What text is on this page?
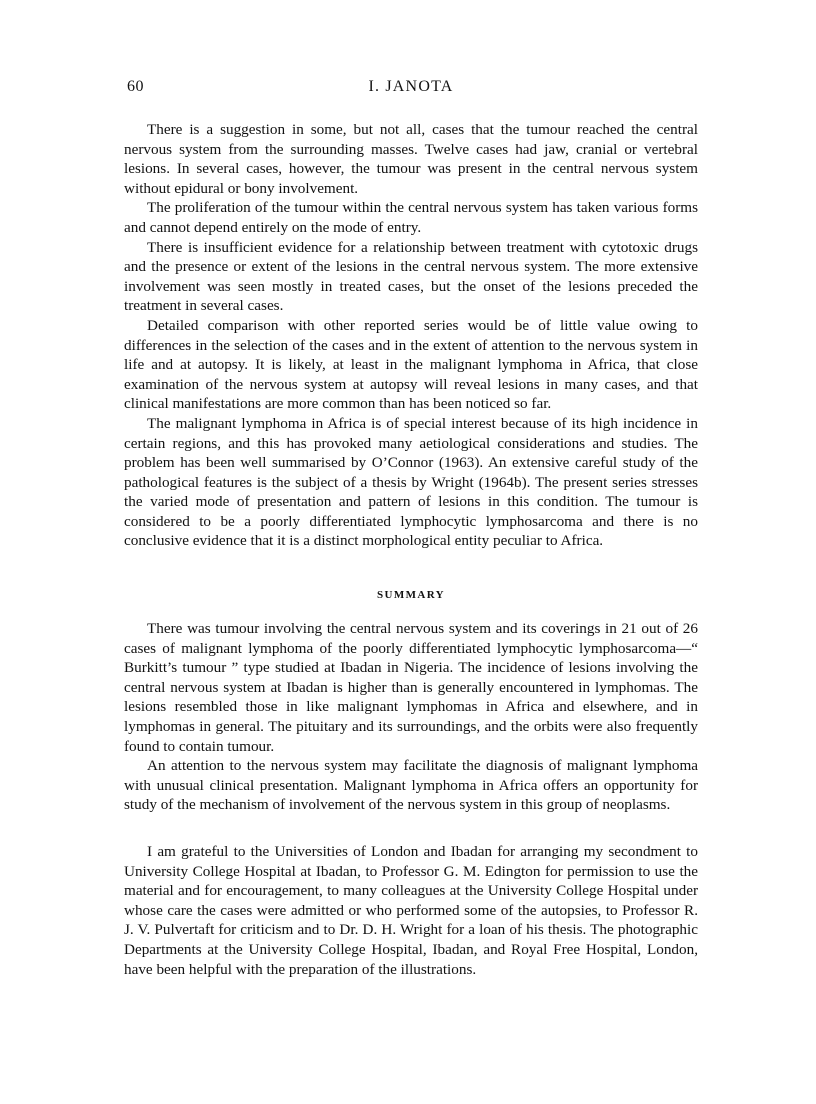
60	I. JANOTA

There is a suggestion in some, but not all, cases that the tumour reached the central nervous system from the surrounding masses. Twelve cases had jaw, cranial or vertebral lesions. In several cases, however, the tumour was present in the central nervous system without epidural or bony involvement.

The proliferation of the tumour within the central nervous system has taken various forms and cannot depend entirely on the mode of entry.

There is insufficient evidence for a relationship between treatment with cytotoxic drugs and the presence or extent of the lesions in the central nervous system. The more extensive involvement was seen mostly in treated cases, but the onset of the lesions preceded the treatment in several cases.

Detailed comparison with other reported series would be of little value owing to differences in the selection of the cases and in the extent of attention to the nervous system in life and at autopsy. It is likely, at least in the malignant lymphoma in Africa, that close examination of the nervous system at autopsy will reveal lesions in many cases, and that clinical manifestations are more common than has been noticed so far.

The malignant lymphoma in Africa is of special interest because of its high incidence in certain regions, and this has provoked many aetiological considerations and studies. The problem has been well summarised by O’Connor (1963). An extensive careful study of the pathological features is the subject of a thesis by Wright (1964b). The present series stresses the varied mode of presentation and pattern of lesions in this condition. The tumour is considered to be a poorly differentiated lymphocytic lymphosarcoma and there is no conclusive evidence that it is a distinct morphological entity peculiar to Africa.

SUMMARY

There was tumour involving the central nervous system and its coverings in 21 out of 26 cases of malignant lymphoma of the poorly differentiated lymphocytic lymphosarcoma—“ Burkitt’s tumour ” type studied at Ibadan in Nigeria. The incidence of lesions involving the central nervous system at Ibadan is higher than is generally encountered in lymphomas. The lesions resembled those in like malignant lymphomas in Africa and elsewhere, and in lymphomas in general. The pituitary and its surroundings, and the orbits were also frequently found to contain tumour.

An attention to the nervous system may facilitate the diagnosis of malignant lymphoma with unusual clinical presentation. Malignant lymphoma in Africa offers an opportunity for study of the mechanism of involvement of the nervous system in this group of neoplasms.

I am grateful to the Universities of London and Ibadan for arranging my secondment to University College Hospital at Ibadan, to Professor G. M. Edington for permission to use the material and for encouragement, to many colleagues at the University College Hospital under whose care the cases were admitted or who performed some of the autopsies, to Professor R. J. V. Pulvertaft for criticism and to Dr. D. H. Wright for a loan of his thesis. The photographic Departments at the University College Hospital, Ibadan, and Royal Free Hospital, London, have been helpful with the preparation of the illustrations.
